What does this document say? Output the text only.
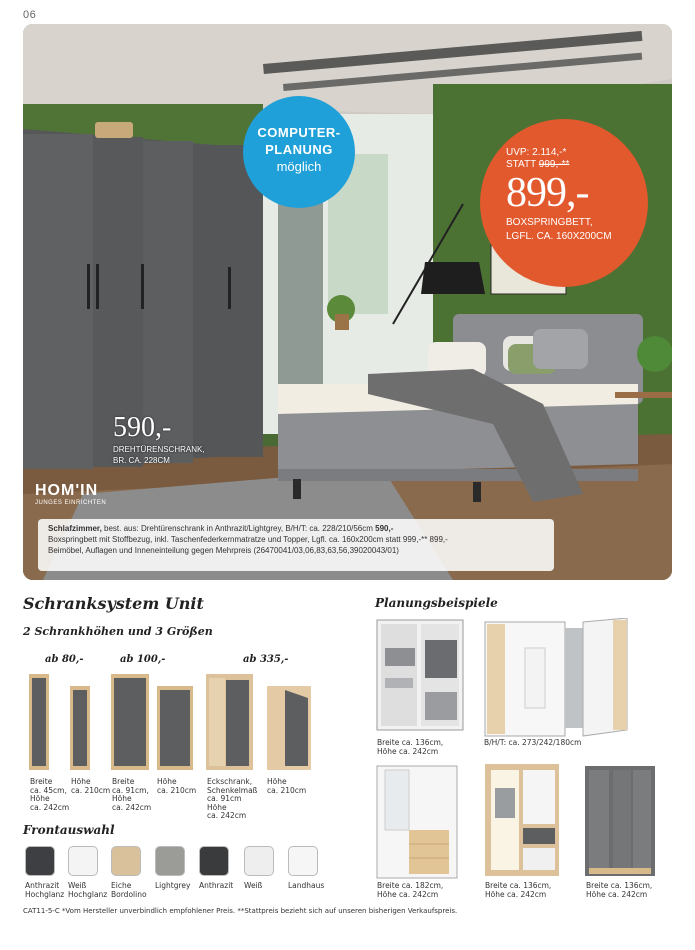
06
COMPUTER-
PLANUNG
möglich
UVP: 2.114,-*
STATT 999,-**
899,-
BOXSPRINGBETT,
LGFL. CA. 160X200CM
590,-
DREHTÜRENSCHRANK,
BR. CA. 228CM
HOM'IN
JUNGES EINRICHTEN
Schlafzimmer, best. aus: Drehtürenschrank in Anthrazit/Lightgrey, B/H/T: ca. 228/210/56cm 590,-
Boxspringbett mit Stoffbezug, inkl. Taschenfederkernmatratze und Topper, Lgfl. ca. 160x200cm statt 999,-** 899,-
Beimöbel, Auflagen und Inneneinteilung gegen Mehrpreis (26470041/03,06,83,63,56,39020043/01)
Schranksystem Unit
2 Schrankhöhen und 3 Größen
ab 80,-	ab 100,-	ab 335,-
Breite
ca. 45cm,
Höhe
ca. 242cm
Höhe
ca. 210cm
Breite
ca. 91cm,
Höhe
ca. 242cm
Höhe
ca. 210cm
Eckschrank,
Schenkelmaß
ca. 91cm
Höhe
ca. 242cm
Höhe
ca. 210cm
Frontauswahl
Anthrazit
Hochglanz
Weiß
Hochglanz
Eiche
Bordolino
Lightgrey Anthrazit Weiß	Landhaus
Planungsbeispiele
Breite ca. 136cm,
Höhe ca. 242cm
B/H/T: ca. 273/242/180cm
Breite ca. 182cm,
Höhe ca. 242cm
Breite ca. 136cm,
Höhe ca. 242cm
Breite ca. 136cm,
Höhe ca. 242cm
CAT11-5-C *Vom Hersteller unverbindlich empfohlener Preis. **Stattpreis bezieht sich auf unseren bisherigen Verkaufspreis.
